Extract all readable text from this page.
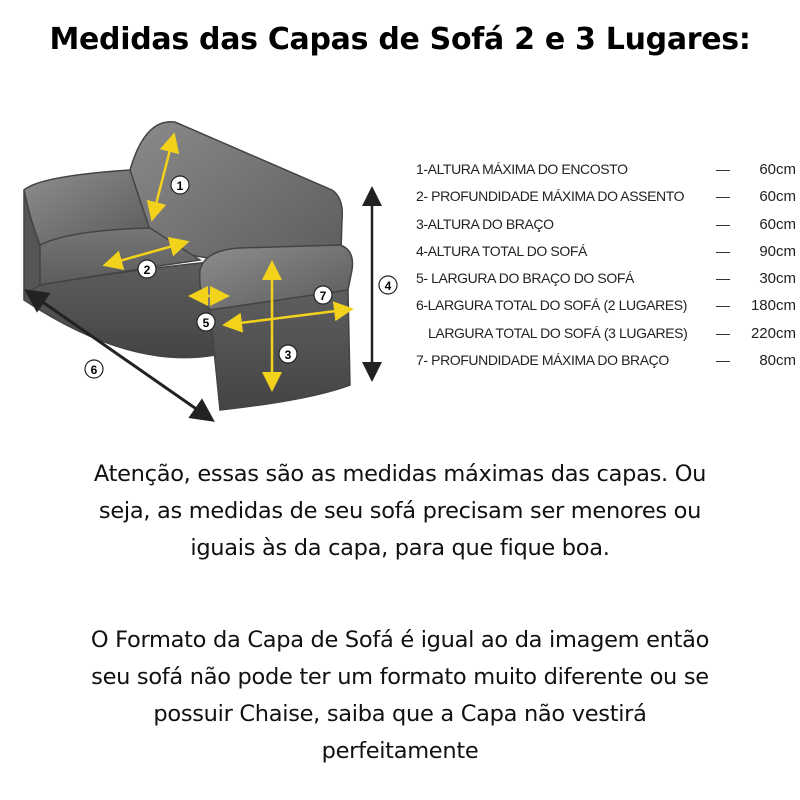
Medidas das Capas de Sofá 2 e 3 Lugares:
1
2
3
4
5
6
7
1-ALTURA MÁXIMA DO ENCOSTO	— 60cm
2- PROFUNDIDADE MÁXIMA DO ASSENTO — 60cm
3-ALTURA DO BRAÇO	— 60cm
4-ALTURA TOTAL DO SOFÁ	— 90cm
5- LARGURA DO BRAÇO DO SOFÁ	— 30cm
6-LARGURA TOTAL DO SOFÁ (2 LUGARES) — 180cm
LARGURA TOTAL DO SOFÁ (3 LUGARES) — 220cm
7- PROFUNDIDADE MÁXIMA DO BRAÇO	— 80cm
Atenção, essas são as medidas máximas das capas. Ou
seja, as medidas de seu sofá precisam ser menores ou
iguais às da capa, para que fique boa.
O Formato da Capa de Sofá é igual ao da imagem então
seu sofá não pode ter um formato muito diferente ou se
possuir Chaise, saiba que a Capa não vestirá
perfeitamente
